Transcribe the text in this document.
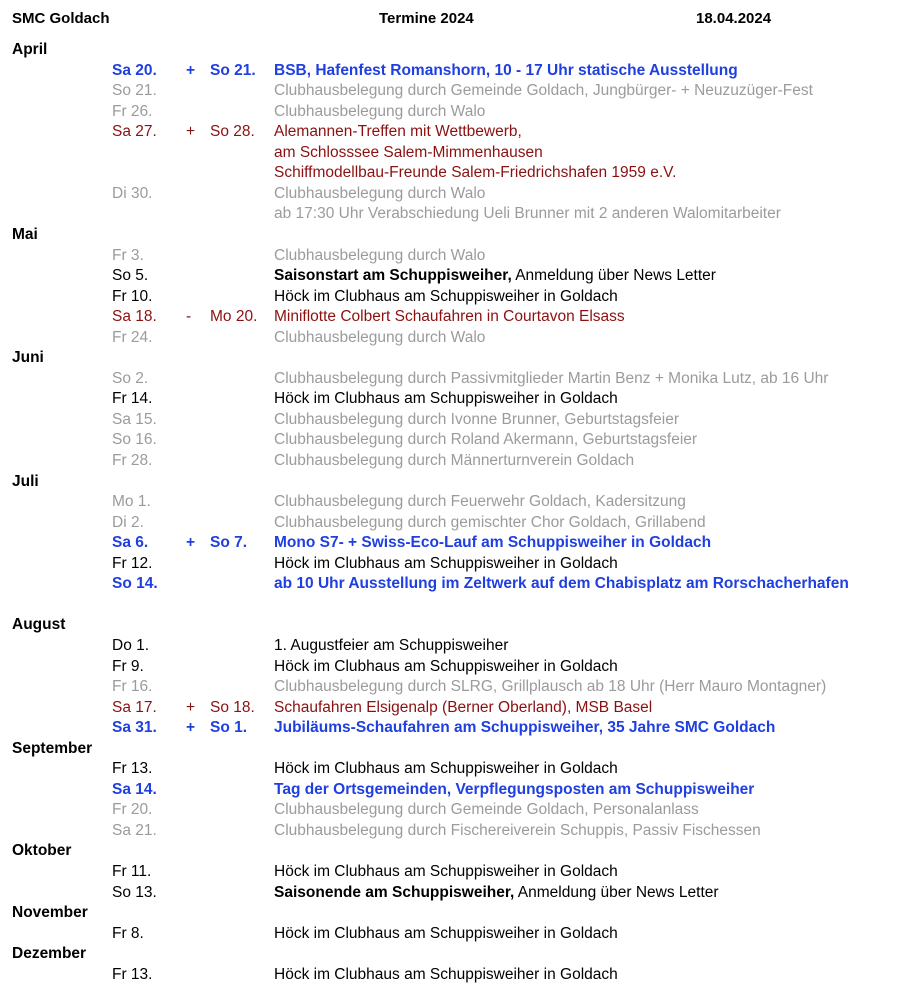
SMC Goldach	Termine 2024	18.04.2024
April
Sa 20. + So 21. BSB, Hafenfest Romanshorn, 10 - 17 Uhr statische Ausstellung
So 21.	Clubhausbelegung durch Gemeinde Goldach, Jungbürger- + Neuzuzüger-Fest
Fr 26.	Clubhausbelegung durch Walo
Sa 27. + So 28. Alemannen-Treffen mit Wettbewerb,
am Schlosssee Salem-Mimmenhausen
Schiffmodellbau-Freunde Salem-Friedrichshafen 1959 e.V.
Di 30.	Clubhausbelegung durch Walo
ab 17:30 Uhr Verabschiedung Ueli Brunner mit 2 anderen Walomitarbeiter
Mai
Fr 3.	Clubhausbelegung durch Walo
So 5.	Saisonstart am Schuppisweiher, Anmeldung über News Letter
Fr 10.	Höck im Clubhaus am Schuppisweiher in Goldach
Sa 18. - Mo 20. Miniflotte Colbert Schaufahren in Courtavon Elsass
Fr 24.	Clubhausbelegung durch Walo
Juni
So 2.	Clubhausbelegung durch Passivmitglieder Martin Benz + Monika Lutz, ab 16 Uhr
Fr 14.	Höck im Clubhaus am Schuppisweiher in Goldach
Sa 15.	Clubhausbelegung durch Ivonne Brunner, Geburtstagsfeier
So 16.	Clubhausbelegung durch Roland Akermann, Geburtstagsfeier
Fr 28.	Clubhausbelegung durch Männerturnverein Goldach
Juli
Mo 1.	Clubhausbelegung durch Feuerwehr Goldach, Kadersitzung
Di 2.	Clubhausbelegung durch gemischter Chor Goldach, Grillabend
Sa 6. + So 7. Mono S7- + Swiss-Eco-Lauf am Schuppisweiher in Goldach
Fr 12.	Höck im Clubhaus am Schuppisweiher in Goldach
So 14.	ab 10 Uhr Ausstellung im Zeltwerk auf dem Chabisplatz am Rorschacherhafen
August
Do 1.	1. Augustfeier am Schuppisweiher
Fr 9.	Höck im Clubhaus am Schuppisweiher in Goldach
Fr 16.	Clubhausbelegung durch SLRG, Grillplausch ab 18 Uhr (Herr Mauro Montagner)
Sa 17. + So 18. Schaufahren Elsigenalp (Berner Oberland), MSB Basel
Sa 31. + So 1. Jubiläums-Schaufahren am Schuppisweiher, 35 Jahre SMC Goldach
September
Fr 13.	Höck im Clubhaus am Schuppisweiher in Goldach
Sa 14.	Tag der Ortsgemeinden, Verpflegungsposten am Schuppisweiher
Fr 20.	Clubhausbelegung durch Gemeinde Goldach, Personalanlass
Sa 21.	Clubhausbelegung durch Fischereiverein Schuppis, Passiv Fischessen
Oktober
Fr 11.	Höck im Clubhaus am Schuppisweiher in Goldach
So 13.	Saisonende am Schuppisweiher, Anmeldung über News Letter
November
Fr 8.	Höck im Clubhaus am Schuppisweiher in Goldach
Dezember
Fr 13.	Höck im Clubhaus am Schuppisweiher in Goldach
